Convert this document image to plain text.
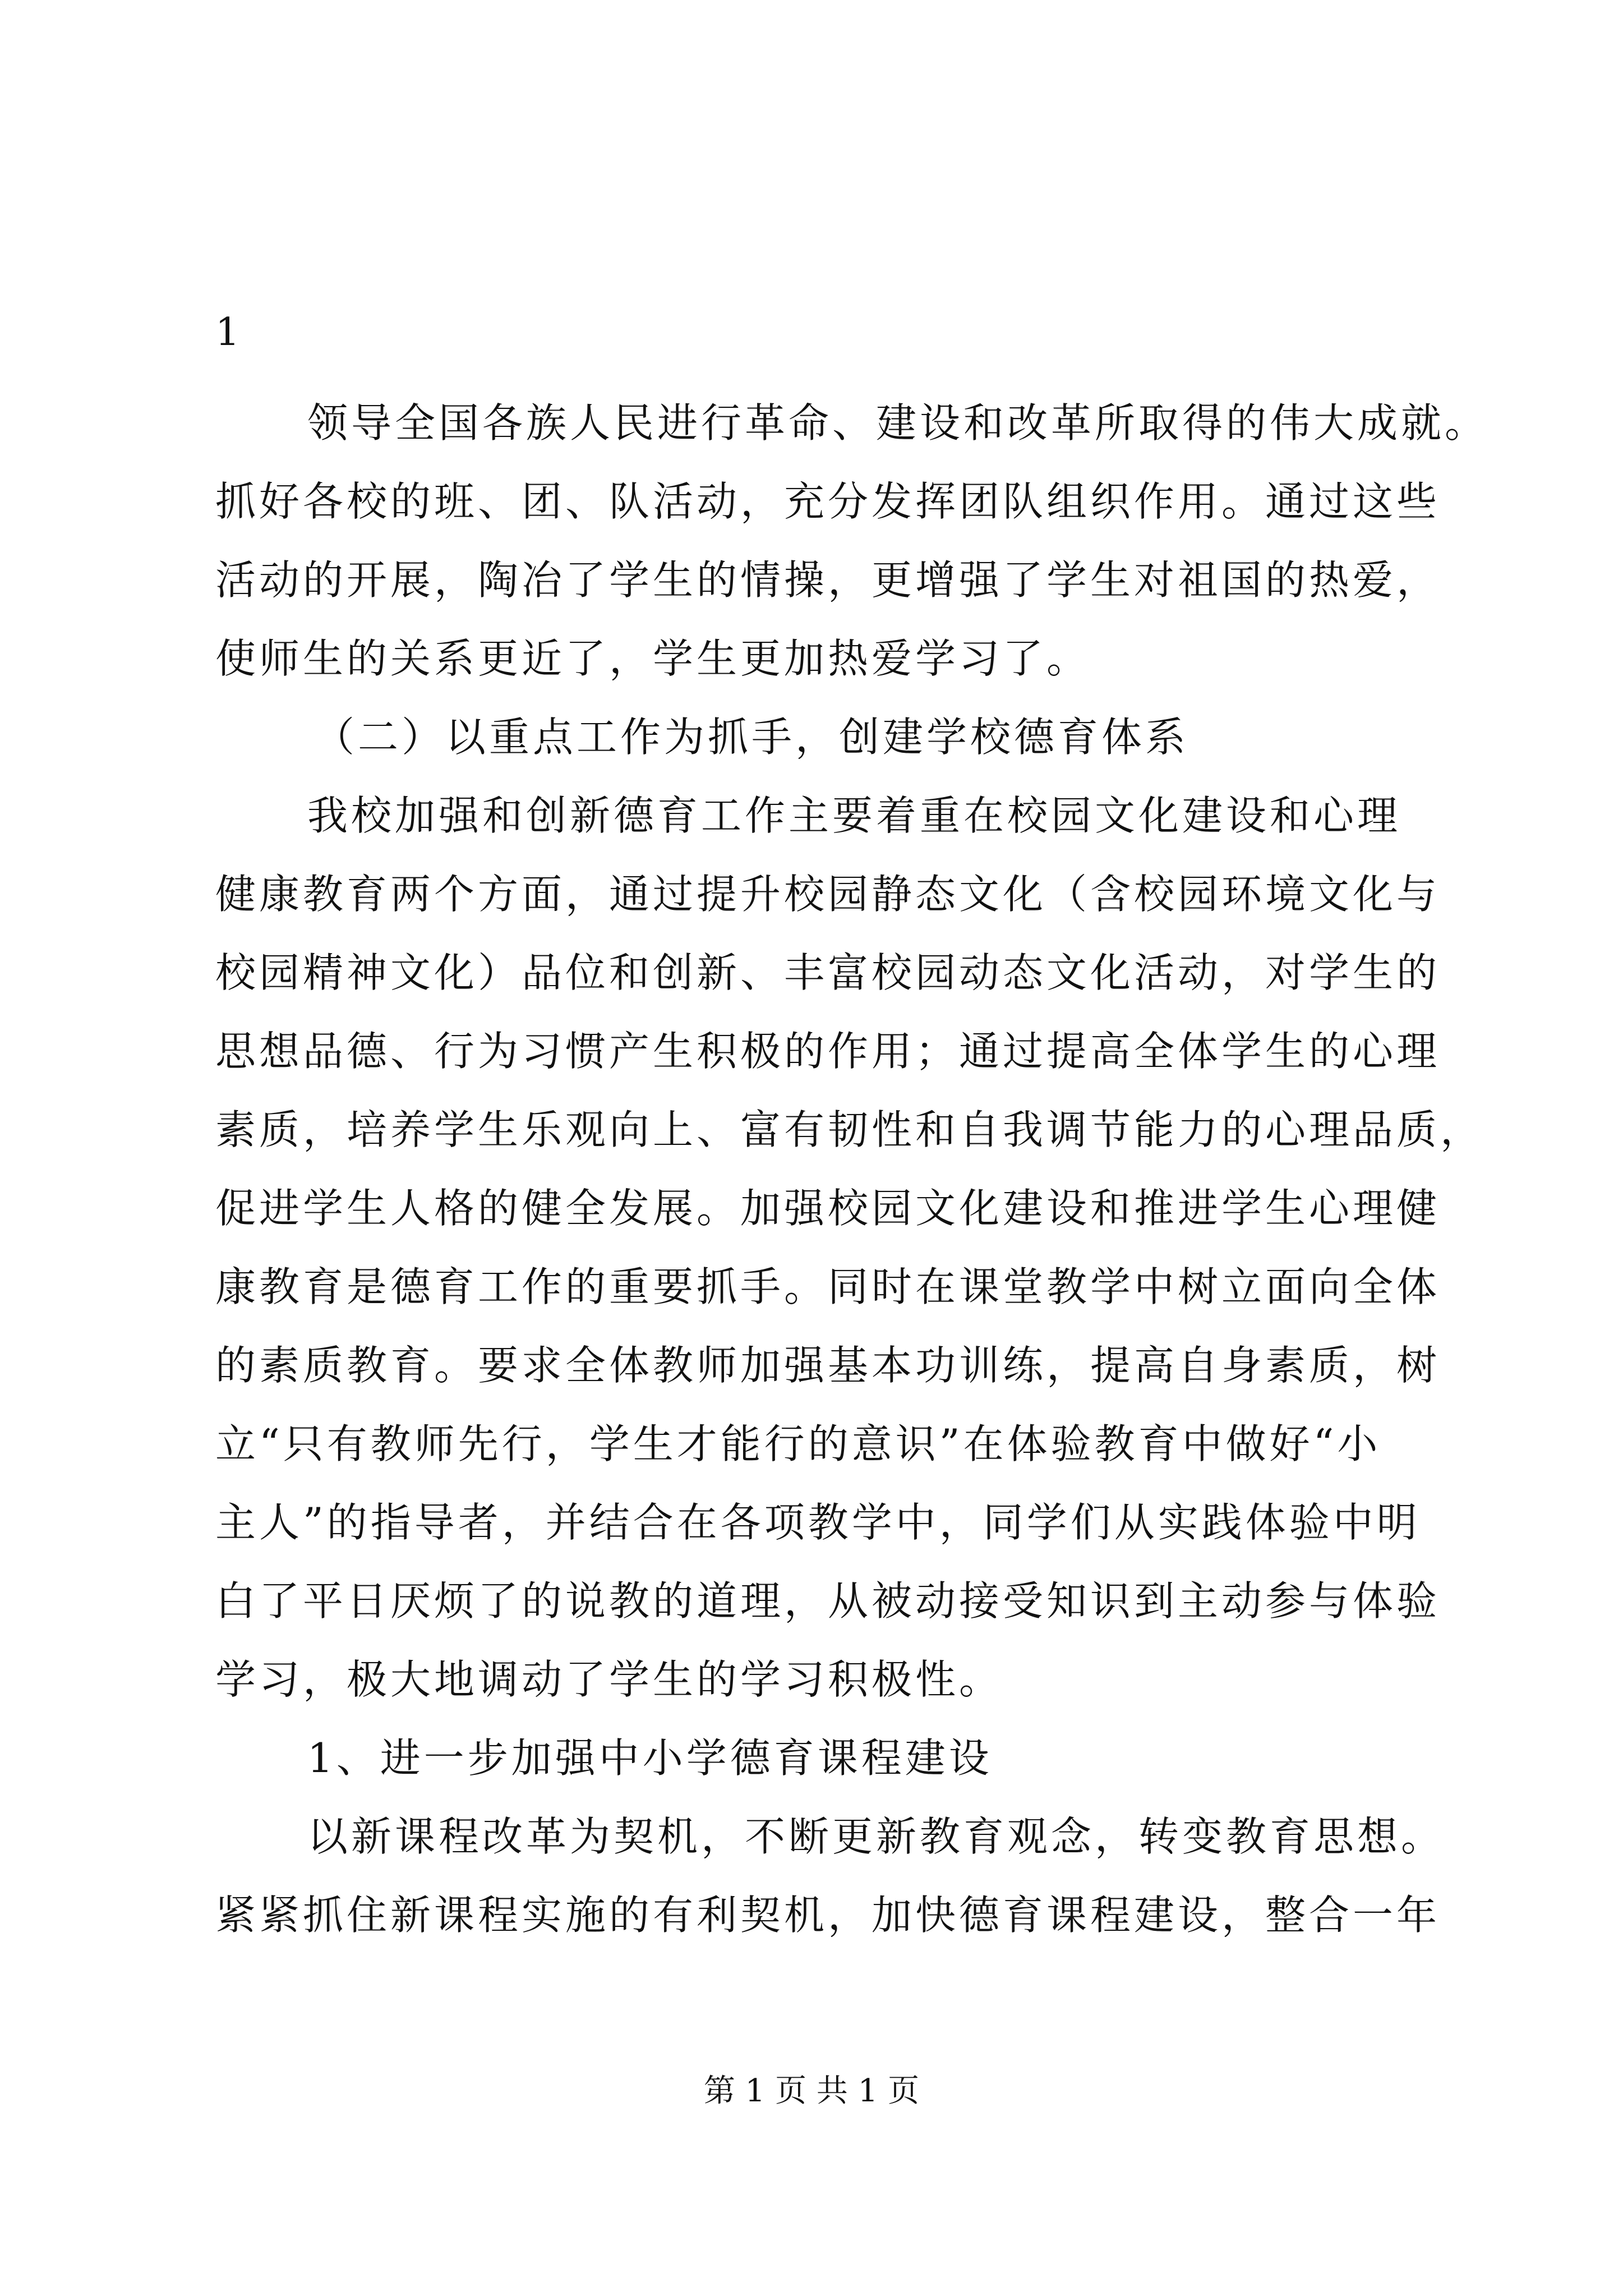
1
领导全国各族人民进行革命、建设和改革所取得的伟大成就。
抓好各校的班、团、队活动，充分发挥团队组织作用。通过这些
活动的开展，陶冶了学生的情操，更增强了学生对祖国的热爱，
使师生的关系更近了，学生更加热爱学习了。
（二）以重点工作为抓手，创建学校德育体系
我校加强和创新德育工作主要着重在校园文化建设和心理
健康教育两个方面，通过提升校园静态文化（含校园环境文化与
校园精神文化）品位和创新、丰富校园动态文化活动，对学生的
思想品德、行为习惯产生积极的作用；通过提高全体学生的心理
素质，培养学生乐观向上、富有韧性和自我调节能力的心理品质，
促进学生人格的健全发展。加强校园文化建设和推进学生心理健
康教育是德育工作的重要抓手。同时在课堂教学中树立面向全体
的素质教育。要求全体教师加强基本功训练，提高自身素质，树
立“只有教师先行，学生才能行的意识”在体验教育中做好“小
主人”的指导者，并结合在各项教学中，同学们从实践体验中明
白了平日厌烦了的说教的道理，从被动接受知识到主动参与体验
学习，极大地调动了学生的学习积极性。
1、进一步加强中小学德育课程建设
以新课程改革为契机，不断更新教育观念，转变教育思想。
紧紧抓住新课程实施的有利契机，加快德育课程建设，整合一年
第 1 页 共 1 页
